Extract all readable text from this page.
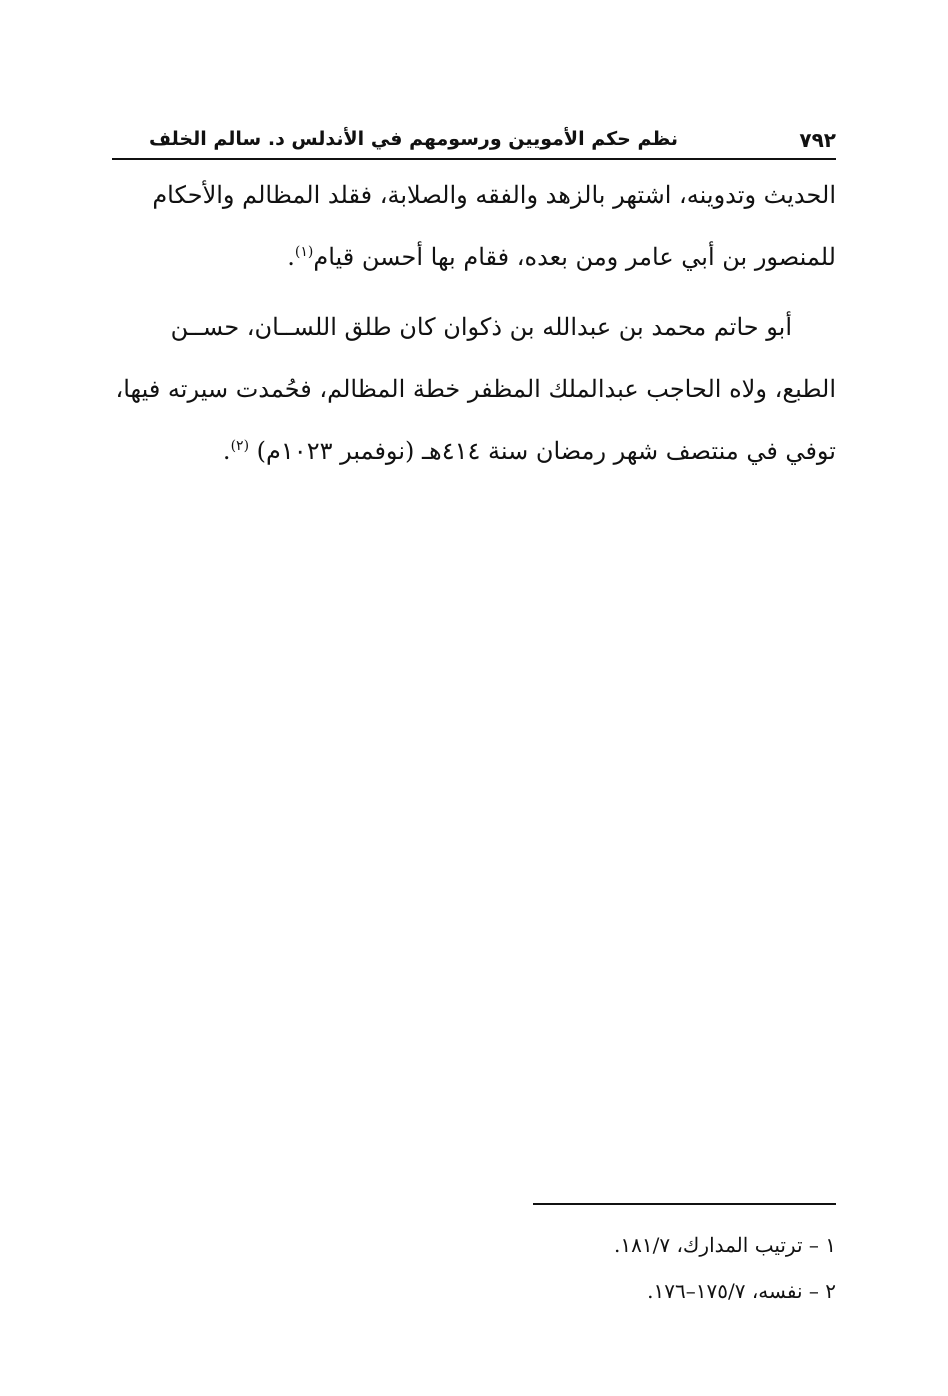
٧٩٢
نظم حكم الأمويين ورسومهم في الأندلس د. سالم الخلف
الحديث وتدوينه، اشتهر بالزهد والفقه والصلابة، فقلد المظالم والأحكام
للمنصور بن أبي عامر ومن بعده، فقام بها أحسن قيام$^{(١)}$.
أبو حاتم محمد بن عبدالله بن ذكوان كان طلق اللســان، حســن
الطبع، ولاه الحاجب عبدالملك المظفر خطة المظالم، فحُمدت سيرته فيها،
توفي في منتصف شهر رمضان سنة ٤١٤هـ (نوفمبر ١٠٢٣م) $^{(٢)}$.
١ – ترتيب المدارك، ١٨١/٧.
٢ – نفسه، ١٧٥/٧–١٧٦.
